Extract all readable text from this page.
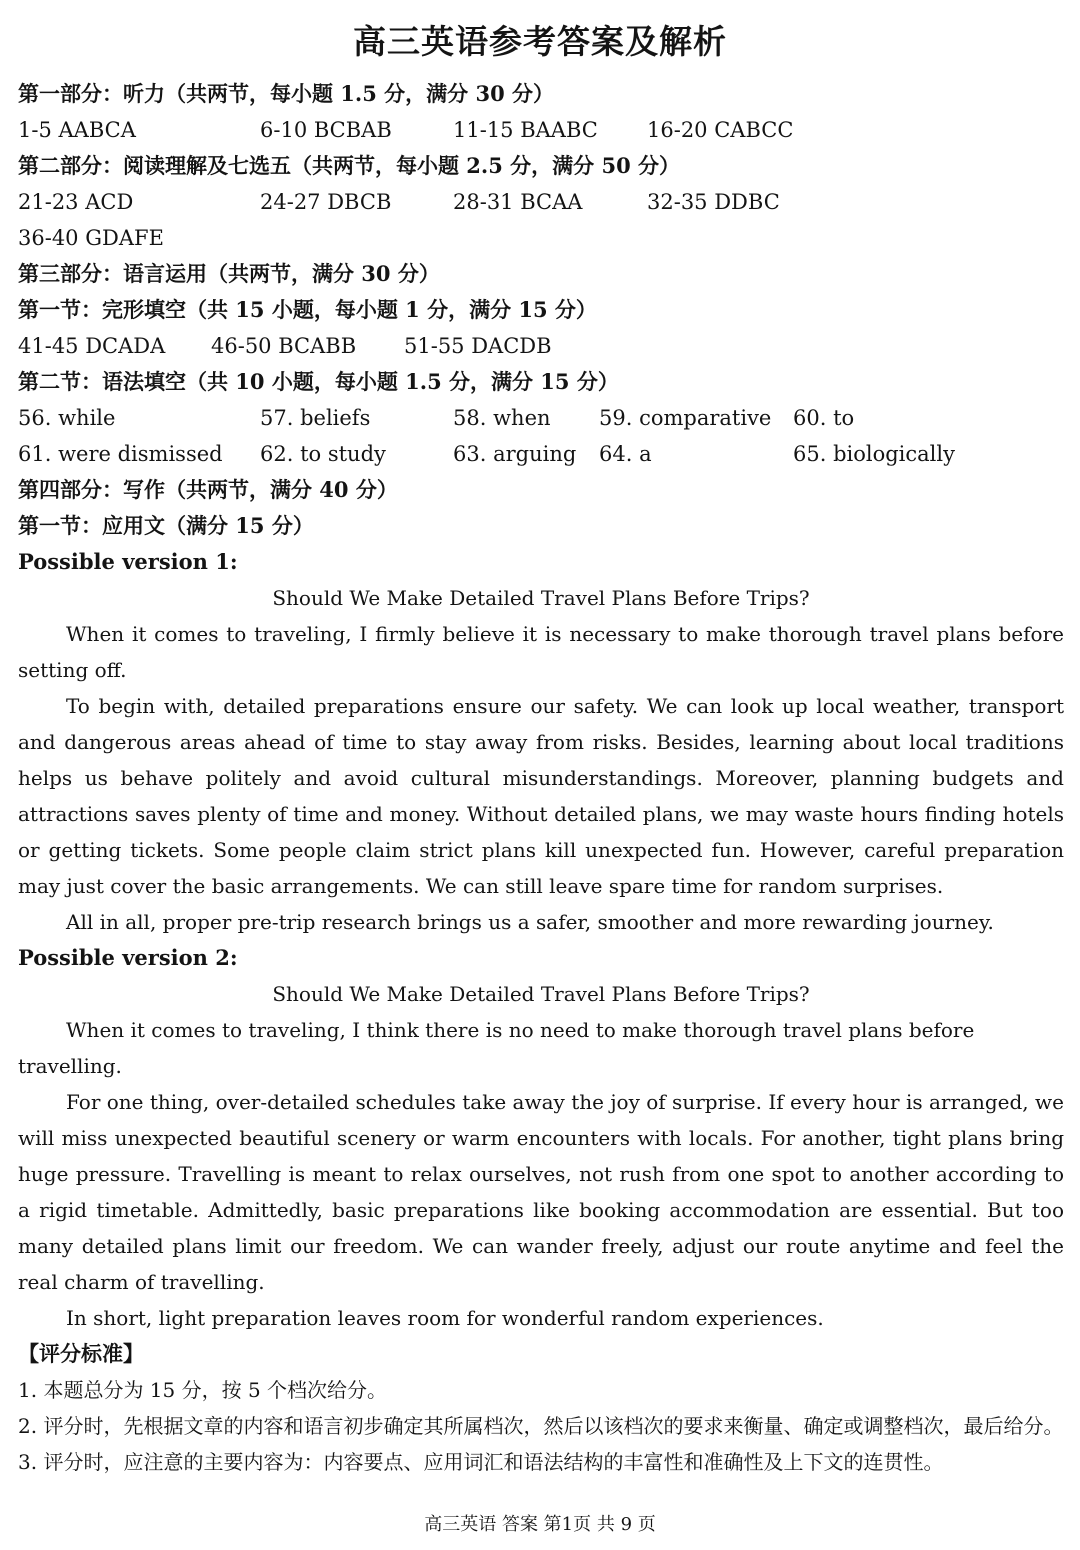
高三英语参考答案及解析
第一部分：听力（共两节，每小题 1.5 分，满分 30 分）
1-5 AABCA	6-10 BCBAB	11-15 BAABC	16-20 CABCC
第二部分：阅读理解及七选五（共两节，每小题 2.5 分，满分 50 分）
21-23 ACD	24-27 DBCB	28-31 BCAA	32-35 DDBC
36-40 GDAFE
第三部分：语言运用（共两节，满分 30 分）
第一节：完形填空（共 15 小题，每小题 1 分，满分 15 分）
41-45 DCADA	46-50 BCABB	51-55 DACDB
第二节：语法填空（共 10 小题，每小题 1.5 分，满分 15 分）
56. while	57. beliefs	58. when	59. comparative	60. to
61. were dismissed	62. to study	63. arguing	64. a	65. biologically
第四部分：写作（共两节，满分 40 分）
第一节：应用文（满分 15 分）
Possible version 1:
Should We Make Detailed Travel Plans Before Trips?

When it comes to traveling, I firmly believe it is necessary to make thorough travel plans before setting off.

To begin with, detailed preparations ensure our safety. We can look up local weather, transport and dangerous areas ahead of time to stay away from risks. Besides, learning about local traditions helps us behave politely and avoid cultural misunderstandings. Moreover, planning budgets and attractions saves plenty of time and money. Without detailed plans, we may waste hours finding hotels or getting tickets. Some people claim strict plans kill unexpected fun. However, careful preparation may just cover the basic arrangements. We can still leave spare time for random surprises.

All in all, proper pre-trip research brings us a safer, smoother and more rewarding journey.

Possible version 2:
Should We Make Detailed Travel Plans Before Trips?

When it comes to traveling, I think there is no need to make thorough travel plans before travelling.

For one thing, over-detailed schedules take away the joy of surprise. If every hour is arranged, we will miss unexpected beautiful scenery or warm encounters with locals. For another, tight plans bring huge pressure. Travelling is meant to relax ourselves, not rush from one spot to another according to a rigid timetable. Admittedly, basic preparations like booking accommodation are essential. But too many detailed plans limit our freedom. We can wander freely, adjust our route anytime and feel the real charm of travelling.

In short, light preparation leaves room for wonderful random experiences.

【评分标准】

1. 本题总分为 15 分，按 5 个档次给分。

2. 评分时，先根据文章的内容和语言初步确定其所属档次，然后以该档次的要求来衡量、确定或调整档次，最后给分。

3. 评分时，应注意的主要内容为：内容要点、应用词汇和语法结构的丰富性和准确性及上下文的连贯性。

高三英语 答案 第1页 共 9 页
